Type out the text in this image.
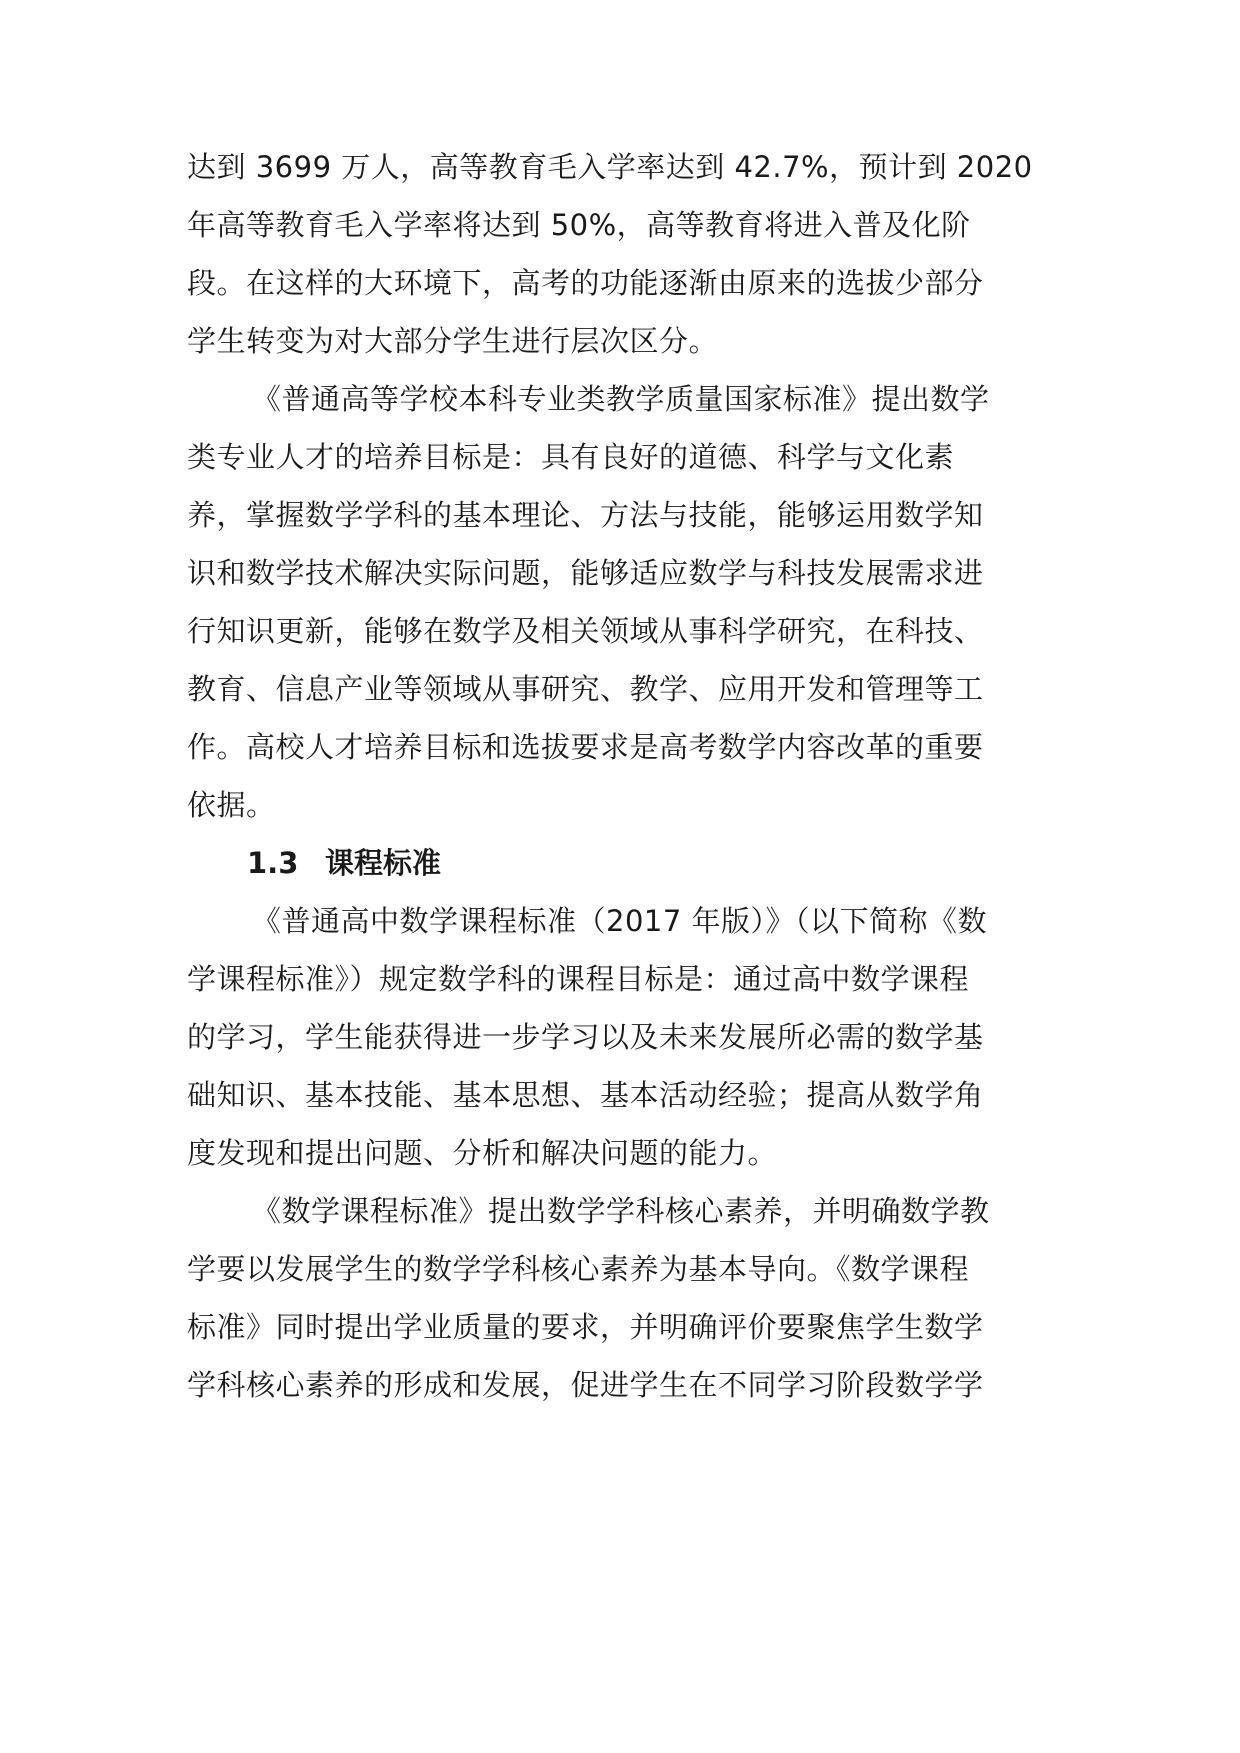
达到 3699 万人，高等教育毛入学率达到 42.7%，预计到 2020
年高等教育毛入学率将达到 50%，高等教育将进入普及化阶
段。在这样的大环境下，高考的功能逐渐由原来的选拔少部分
学生转变为对大部分学生进行层次区分。
《普通高等学校本科专业类教学质量国家标准》提出数学
类专业人才的培养目标是：具有良好的道德、科学与文化素
养，掌握数学学科的基本理论、方法与技能，能够运用数学知
识和数学技术解决实际问题，能够适应数学与科技发展需求进
行知识更新，能够在数学及相关领域从事科学研究，在科技、
教育、信息产业等领域从事研究、教学、应用开发和管理等工
作。高校人才培养目标和选拔要求是高考数学内容改革的重要
依据。
1.3 课程标准
《普通高中数学课程标准（2017 年版）》（以下简称《数
学课程标准》）规定数学科的课程目标是：通过高中数学课程
的学习，学生能获得进一步学习以及未来发展所必需的数学基
础知识、基本技能、基本思想、基本活动经验；提高从数学角
度发现和提出问题、分析和解决问题的能力。
《数学课程标准》提出数学学科核心素养，并明确数学教
学要以发展学生的数学学科核心素养为基本导向。《数学课程
标准》同时提出学业质量的要求，并明确评价要聚焦学生数学
学科核心素养的形成和发展，促进学生在不同学习阶段数学学
